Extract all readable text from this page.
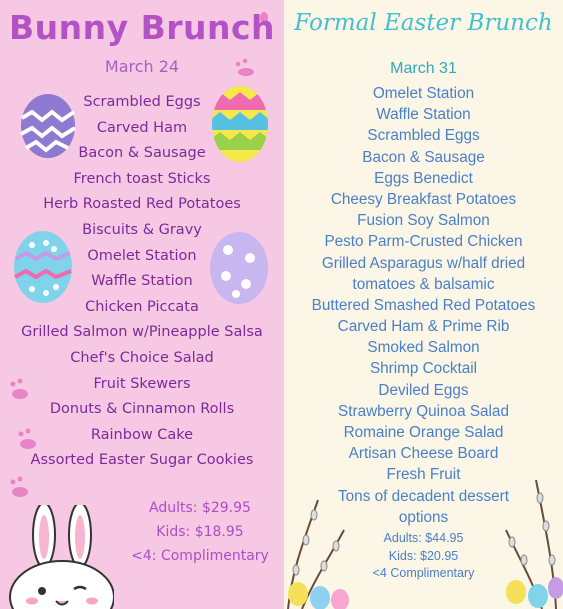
Bunny Brunch
March 24
Scrambled Eggs
Carved Ham
Bacon & Sausage
French toast Sticks
Herb Roasted Red Potatoes
Biscuits & Gravy
Omelet Station
Waffle Station
Chicken Piccata
Grilled Salmon w/Pineapple Salsa
Chef's Choice Salad
Fruit Skewers
Donuts & Cinnamon Rolls
Rainbow Cake
Assorted Easter Sugar Cookies
Adults: $29.95
Kids: $18.95
<4: Complimentary
Formal Easter Brunch
March 31
Omelet Station
Waffle Station
Scrambled Eggs
Bacon & Sausage
Eggs Benedict
Cheesy Breakfast Potatoes
Fusion Soy Salmon
Pesto Parm-Crusted Chicken
Grilled Asparagus w/half dried
tomatoes & balsamic
Buttered Smashed Red Potatoes
Carved Ham & Prime Rib
Smoked Salmon
Shrimp Cocktail
Deviled Eggs
Strawberry Quinoa Salad
Romaine Orange Salad
Artisan Cheese Board
Fresh Fruit
Tons of decadent dessert
options
Adults: $44.95
Kids: $20.95
<4 Complimentary
